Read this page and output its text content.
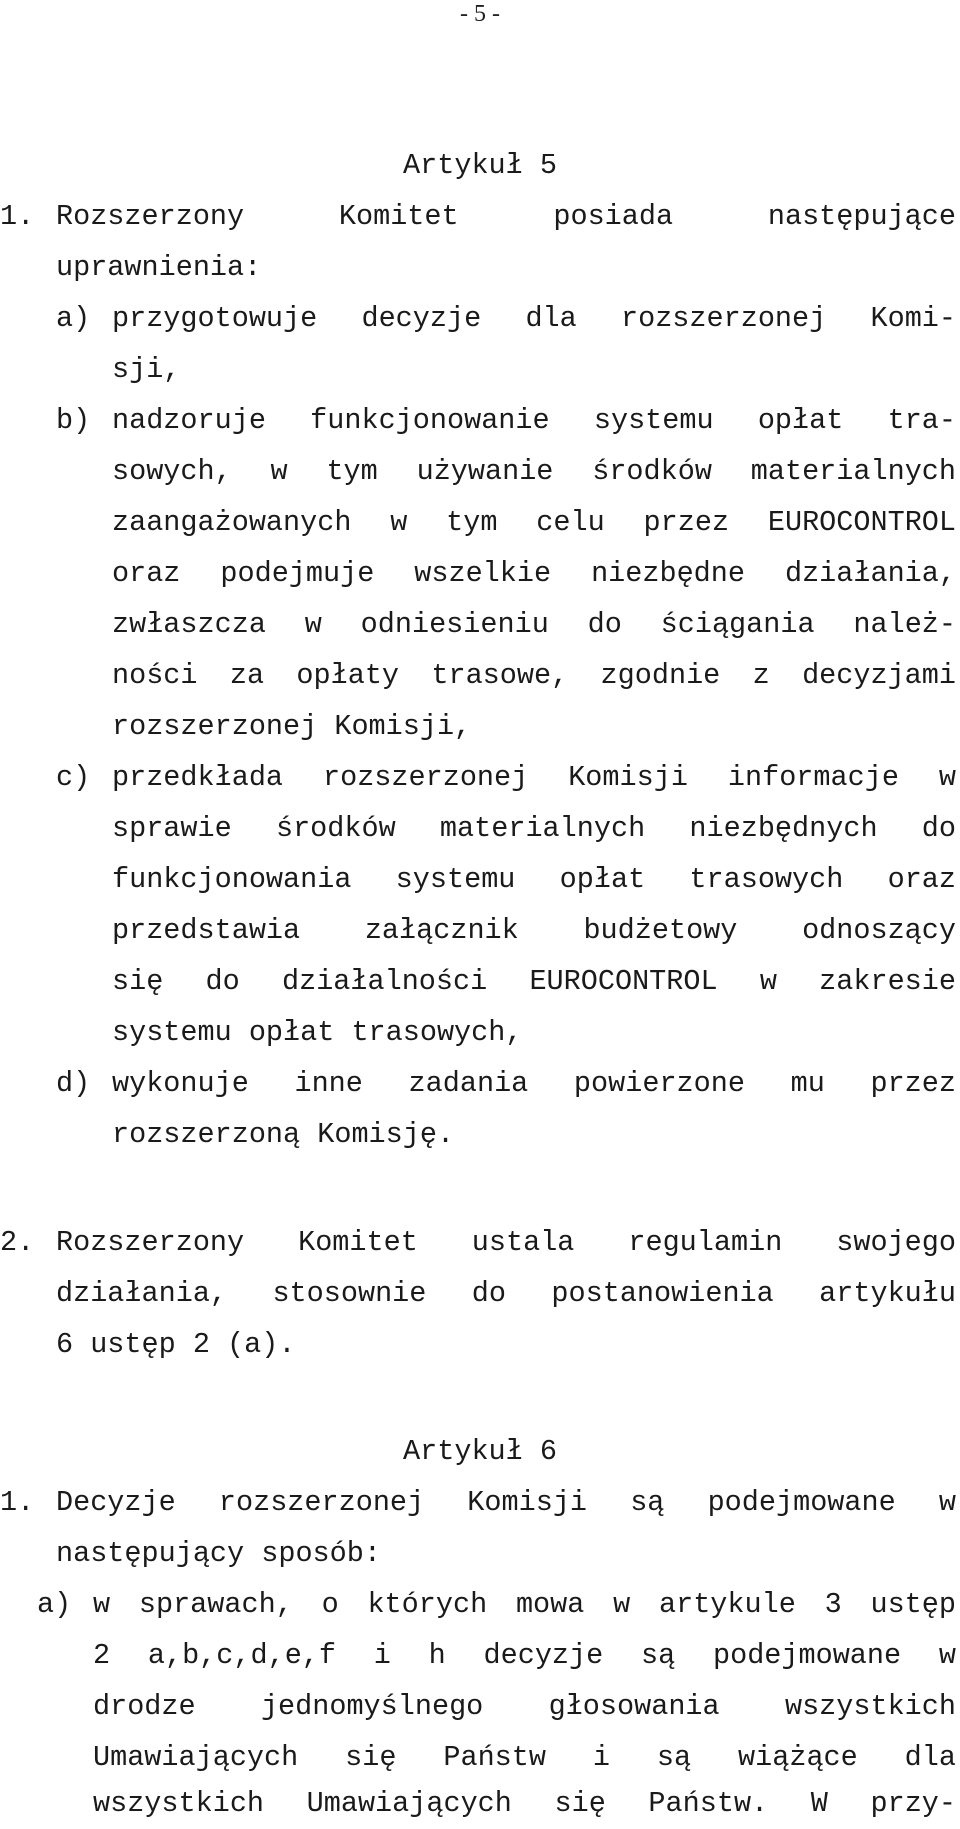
- 5 -
Artykuł 5
1. Rozszerzony Komitet posiada następujące
uprawnienia:
a) przygotowuje decyzje dla rozszerzonej Komi-
sji,
b) nadzoruje funkcjonowanie systemu opłat tra-
sowych, w tym używanie środków materialnych
zaangażowanych w tym celu przez EUROCONTROL
oraz podejmuje wszelkie niezbędne działania,
zwłaszcza w odniesieniu do ściągania należ-
ności za opłaty trasowe, zgodnie z decyzjami
rozszerzonej Komisji,
c) przedkłada rozszerzonej Komisji informacje w
sprawie środków materialnych niezbędnych do
funkcjonowania systemu opłat trasowych oraz
przedstawia załącznik budżetowy odnoszący
się do działalności EUROCONTROL w zakresie
systemu opłat trasowych,
d) wykonuje inne zadania powierzone mu przez
rozszerzoną Komisję.
2. Rozszerzony Komitet ustala regulamin swojego
działania, stosownie do postanowienia artykułu
6 ustęp 2 (a).
Artykuł 6
1. Decyzje rozszerzonej Komisji są podejmowane w
następujący sposób:
a) w sprawach, o których mowa w artykule 3 ustęp
2 a,b,c,d,e,f i h decyzje są podejmowane w
drodze jednomyślnego głosowania wszystkich
Umawiających się Państw i są wiążące dla
wszystkich Umawiających się Państw. W przy-
